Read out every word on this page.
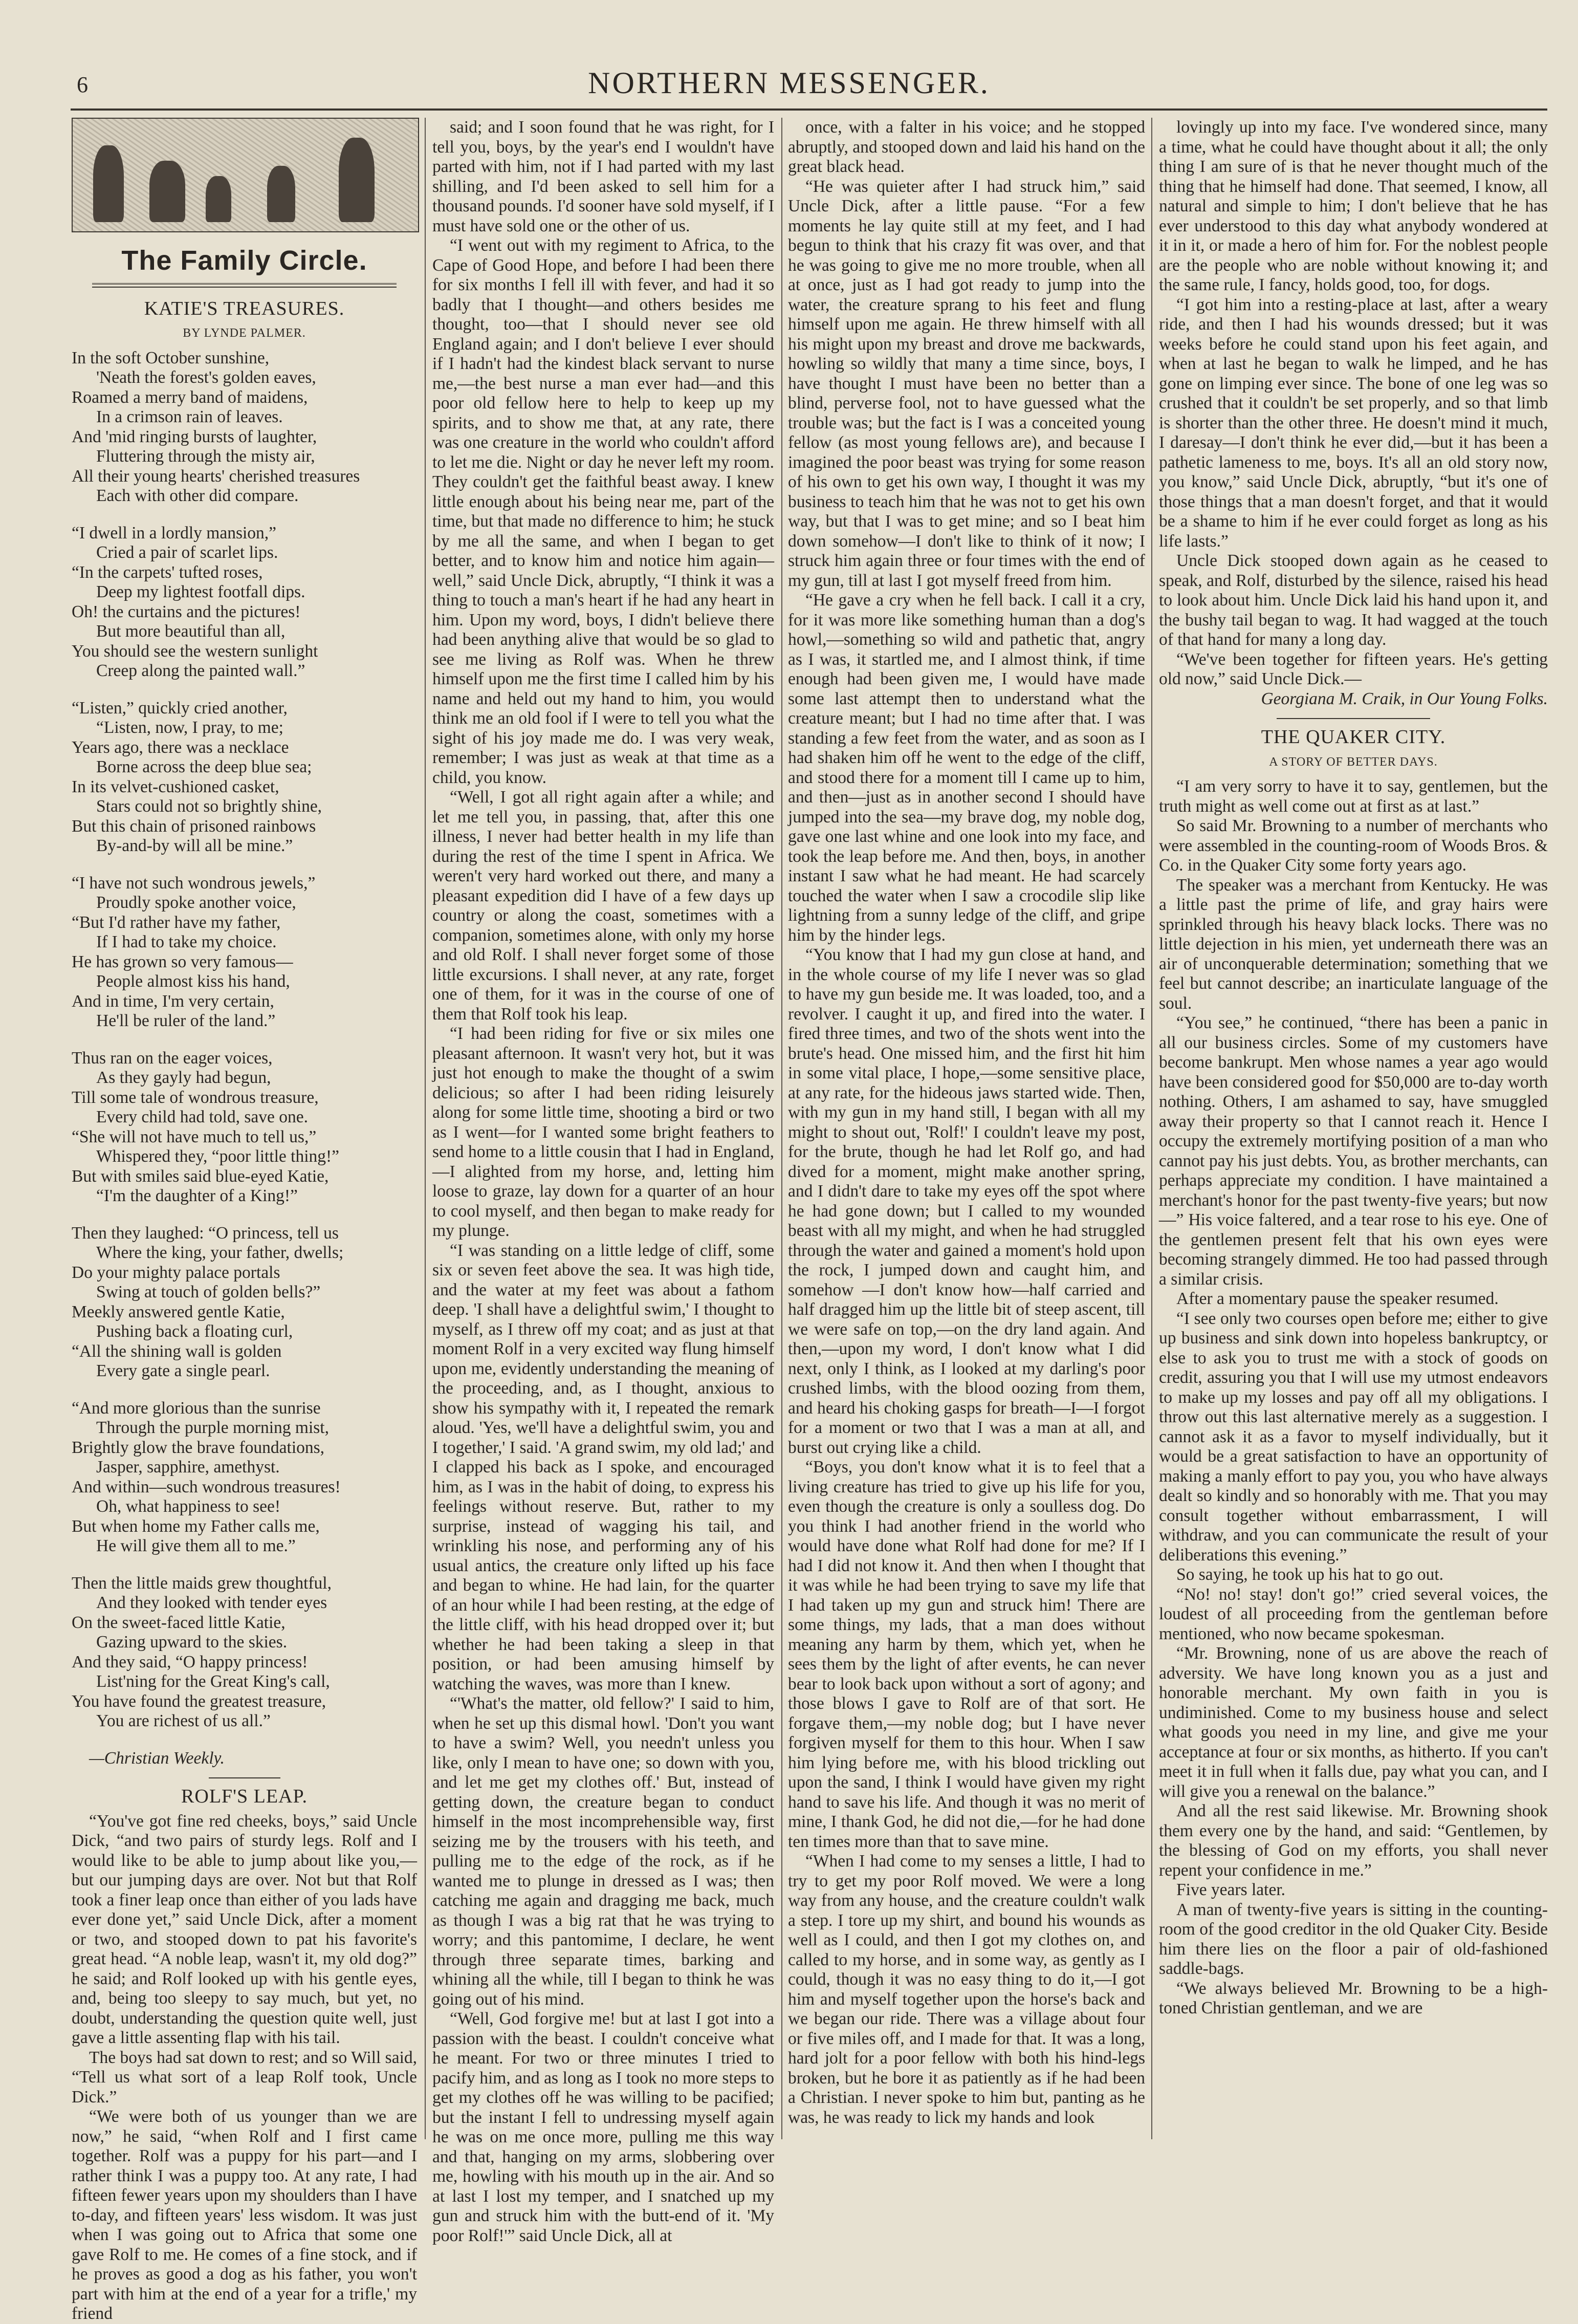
6	NORTHERN MESSENGER.
The Family Circle.
KATIE'S TREASURES.
BY LYNDE PALMER.
In the soft October sunshine,
'Neath the forest's golden eaves,
Roamed a merry band of maidens,
In a crimson rain of leaves.
And 'mid ringing bursts of laughter,
Fluttering through the misty air,
All their young hearts' cherished treasures
Each with other did compare.
“I dwell in a lordly mansion,”
Cried a pair of scarlet lips.
“In the carpets' tufted roses,
Deep my lightest footfall dips.
Oh! the curtains and the pictures!
But more beautiful than all,
You should see the western sunlight
Creep along the painted wall.”
“Listen,” quickly cried another,
“Listen, now, I pray, to me;
Years ago, there was a necklace
Borne across the deep blue sea;
In its velvet-cushioned casket,
Stars could not so brightly shine,
But this chain of prisoned rainbows
By-and-by will all be mine.”
“I have not such wondrous jewels,”
Proudly spoke another voice,
“But I'd rather have my father,
If I had to take my choice.
He has grown so very famous—
People almost kiss his hand,
And in time, I'm very certain,
He'll be ruler of the land.”
Thus ran on the eager voices,
As they gayly had begun,
Till some tale of wondrous treasure,
Every child had told, save one.
“She will not have much to tell us,”
Whispered they, “poor little thing!”
But with smiles said blue-eyed Katie,
“I'm the daughter of a King!”
Then they laughed: “O princess, tell us
Where the king, your father, dwells;
Do your mighty palace portals
Swing at touch of golden bells?”
Meekly answered gentle Katie,
Pushing back a floating curl,
“All the shining wall is golden
Every gate a single pearl.
“And more glorious than the sunrise
Through the purple morning mist,
Brightly glow the brave foundations,
Jasper, sapphire, amethyst.
And within—such wondrous treasures!
Oh, what happiness to see!
But when home my Father calls me,
He will give them all to me.”
Then the little maids grew thoughtful,
And they looked with tender eyes
On the sweet-faced little Katie,
Gazing upward to the skies.
And they said, “O happy princess!
List'ning for the Great King's call,
You have found the greatest treasure,
You are richest of us all.”

—Christian Weekly.

ROLF'S LEAP.

“You've got fine red cheeks, boys,” said Uncle Dick, “and two pairs of sturdy legs. Rolf and I would like to be able to jump about like you,—but our jumping days are over. Not but that Rolf took a finer leap once than either of you lads have ever done yet,” said Uncle Dick, after a moment or two, and stooped down to pat his favorite's great head. “A noble leap, wasn't it, my old dog?” he said; and Rolf looked up with his gentle eyes, and, being too sleepy to say much, but yet, no doubt, understanding the question quite well, just gave a little assenting flap with his tail.

The boys had sat down to rest; and so Will said, “Tell us what sort of a leap Rolf took, Uncle Dick.”

“We were both of us younger than we are now,” he said, “when Rolf and I first came together. Rolf was a puppy for his part—and I rather think I was a puppy too. At any rate, I had fifteen fewer years upon my shoulders than I have to-day, and fifteen years' less wisdom. It was just when I was going out to Africa that some one gave Rolf to me. He comes of a fine stock, and if he proves as good a dog as his father, you won't part with him at the end of a year for a trifle,' my friend

said; and I soon found that he was right, for I tell you, boys, by the year's end I wouldn't have parted with him, not if I had parted with my last shilling, and I'd been asked to sell him for a thousand pounds. I'd sooner have sold myself, if I must have sold one or the other of us.

“I went out with my regiment to Africa, to the Cape of Good Hope, and before I had been there for six months I fell ill with fever, and had it so badly that I thought—and others besides me thought, too—that I should never see old England again; and I don't believe I ever should if I hadn't had the kindest black servant to nurse me,—the best nurse a man ever had—and this poor old fellow here to help to keep up my spirits, and to show me that, at any rate, there was one creature in the world who couldn't afford to let me die. Night or day he never left my room. They couldn't get the faithful beast away. I knew little enough about his being near me, part of the time, but that made no difference to him; he stuck by me all the same, and when I began to get better, and to know him and notice him again—well,” said Uncle Dick, abruptly, “I think it was a thing to touch a man's heart if he had any heart in him. Upon my word, boys, I didn't believe there had been anything alive that would be so glad to see me living as Rolf was. When he threw himself upon me the first time I called him by his name and held out my hand to him, you would think me an old fool if I were to tell you what the sight of his joy made me do. I was very weak, remember; I was just as weak at that time as a child, you know.

“Well, I got all right again after a while; and let me tell you, in passing, that, after this one illness, I never had better health in my life than during the rest of the time I spent in Africa. We weren't very hard worked out there, and many a pleasant expedition did I have of a few days up country or along the coast, sometimes with a companion, sometimes alone, with only my horse and old Rolf. I shall never forget some of those little excursions. I shall never, at any rate, forget one of them, for it was in the course of one of them that Rolf took his leap.

“I had been riding for five or six miles one pleasant afternoon. It wasn't very hot, but it was just hot enough to make the thought of a swim delicious; so after I had been riding leisurely along for some little time, shooting a bird or two as I went—for I wanted some bright feathers to send home to a little cousin that I had in England,—I alighted from my horse, and, letting him loose to graze, lay down for a quarter of an hour to cool myself, and then began to make ready for my plunge.

“I was standing on a little ledge of cliff, some six or seven feet above the sea. It was high tide, and the water at my feet was about a fathom deep. 'I shall have a delightful swim,' I thought to myself, as I threw off my coat; and as just at that moment Rolf in a very excited way flung himself upon me, evidently understanding the meaning of the proceeding, and, as I thought, anxious to show his sympathy with it, I repeated the remark aloud. 'Yes, we'll have a delightful swim, you and I together,' I said. 'A grand swim, my old lad;' and I clapped his back as I spoke, and encouraged him, as I was in the habit of doing, to express his feelings without reserve. But, rather to my surprise, instead of wagging his tail, and wrinkling his nose, and performing any of his usual antics, the creature only lifted up his face and began to whine. He had lain, for the quarter of an hour while I had been resting, at the edge of the little cliff, with his head dropped over it; but whether he had been taking a sleep in that position, or had been amusing himself by watching the waves, was more than I knew.

“'What's the matter, old fellow?' I said to him, when he set up this dismal howl. 'Don't you want to have a swim? Well, you needn't unless you like, only I mean to have one; so down with you, and let me get my clothes off.' But, instead of getting down, the creature began to conduct himself in the most incomprehensible way, first seizing me by the trousers with his teeth, and pulling me to the edge of the rock, as if he wanted me to plunge in dressed as I was; then catching me again and dragging me back, much as though I was a big rat that he was trying to worry; and this pantomime, I declare, he went through three separate times, barking and whining all the while, till I began to think he was going out of his mind.

“Well, God forgive me! but at last I got into a passion with the beast. I couldn't conceive what he meant. For two or three minutes I tried to pacify him, and as long as I took no more steps to get my clothes off he was willing to be pacified; but the instant I fell to undressing myself again he was on me once more, pulling me this way and that, hanging on my arms, slobbering over me, howling with his mouth up in the air. And so at last I lost my temper, and I snatched up my gun and struck him with the butt-end of it. 'My poor Rolf!'” said Uncle Dick, all at

once, with a falter in his voice; and he stopped abruptly, and stooped down and laid his hand on the great black head.

“He was quieter after I had struck him,” said Uncle Dick, after a little pause. “For a few moments he lay quite still at my feet, and I had begun to think that his crazy fit was over, and that he was going to give me no more trouble, when all at once, just as I had got ready to jump into the water, the creature sprang to his feet and flung himself upon me again. He threw himself with all his might upon my breast and drove me backwards, howling so wildly that many a time since, boys, I have thought I must have been no better than a blind, perverse fool, not to have guessed what the trouble was; but the fact is I was a conceited young fellow (as most young fellows are), and because I imagined the poor beast was trying for some reason of his own to get his own way, I thought it was my business to teach him that he was not to get his own way, but that I was to get mine; and so I beat him down somehow—I don't like to think of it now; I struck him again three or four times with the end of my gun, till at last I got myself freed from him.

“He gave a cry when he fell back. I call it a cry, for it was more like something human than a dog's howl,—something so wild and pathetic that, angry as I was, it startled me, and I almost think, if time enough had been given me, I would have made some last attempt then to understand what the creature meant; but I had no time after that. I was standing a few feet from the water, and as soon as I had shaken him off he went to the edge of the cliff, and stood there for a moment till I came up to him, and then—just as in another second I should have jumped into the sea—my brave dog, my noble dog, gave one last whine and one look into my face, and took the leap before me. And then, boys, in another instant I saw what he had meant. He had scarcely touched the water when I saw a crocodile slip like lightning from a sunny ledge of the cliff, and gripe him by the hinder legs.

“You know that I had my gun close at hand, and in the whole course of my life I never was so glad to have my gun beside me. It was loaded, too, and a revolver. I caught it up, and fired into the water. I fired three times, and two of the shots went into the brute's head. One missed him, and the first hit him in some vital place, I hope,—some sensitive place, at any rate, for the hideous jaws started wide. Then, with my gun in my hand still, I began with all my might to shout out, 'Rolf!' I couldn't leave my post, for the brute, though he had let Rolf go, and had dived for a moment, might make another spring, and I didn't dare to take my eyes off the spot where he had gone down; but I called to my wounded beast with all my might, and when he had struggled through the water and gained a moment's hold upon the rock, I jumped down and caught him, and somehow —I don't know how—half carried and half dragged him up the little bit of steep ascent, till we were safe on top,—on the dry land again. And then,—upon my word, I don't know what I did next, only I think, as I looked at my darling's poor crushed limbs, with the blood oozing from them, and heard his choking gasps for breath—I—I forgot for a moment or two that I was a man at all, and burst out crying like a child.

“Boys, you don't know what it is to feel that a living creature has tried to give up his life for you, even though the creature is only a soulless dog. Do you think I had another friend in the world who would have done what Rolf had done for me? If I had I did not know it. And then when I thought that it was while he had been trying to save my life that I had taken up my gun and struck him! There are some things, my lads, that a man does without meaning any harm by them, which yet, when he sees them by the light of after events, he can never bear to look back upon without a sort of agony; and those blows I gave to Rolf are of that sort. He forgave them,—my noble dog; but I have never forgiven myself for them to this hour. When I saw him lying before me, with his blood trickling out upon the sand, I think I would have given my right hand to save his life. And though it was no merit of mine, I thank God, he did not die,—for he had done ten times more than that to save mine.

“When I had come to my senses a little, I had to try to get my poor Rolf moved. We were a long way from any house, and the creature couldn't walk a step. I tore up my shirt, and bound his wounds as well as I could, and then I got my clothes on, and called to my horse, and in some way, as gently as I could, though it was no easy thing to do it,—I got him and myself together upon the horse's back and we began our ride. There was a village about four or five miles off, and I made for that. It was a long, hard jolt for a poor fellow with both his hind-legs broken, but he bore it as patiently as if he had been a Christian. I never spoke to him but, panting as he was, he was ready to lick my hands and look

lovingly up into my face. I've wondered since, many a time, what he could have thought about it all; the only thing I am sure of is that he never thought much of the thing that he himself had done. That seemed, I know, all natural and simple to him; I don't believe that he has ever understood to this day what anybody wondered at it in it, or made a hero of him for. For the noblest people are the people who are noble without knowing it; and the same rule, I fancy, holds good, too, for dogs.

“I got him into a resting-place at last, after a weary ride, and then I had his wounds dressed; but it was weeks before he could stand upon his feet again, and when at last he began to walk he limped, and he has gone on limping ever since. The bone of one leg was so crushed that it couldn't be set properly, and so that limb is shorter than the other three. He doesn't mind it much, I daresay—I don't think he ever did,—but it has been a pathetic lameness to me, boys. It's all an old story now, you know,” said Uncle Dick, abruptly, “but it's one of those things that a man doesn't forget, and that it would be a shame to him if he ever could forget as long as his life lasts.”

Uncle Dick stooped down again as he ceased to speak, and Rolf, disturbed by the silence, raised his head to look about him. Uncle Dick laid his hand upon it, and the bushy tail began to wag. It had wagged at the touch of that hand for many a long day.

“We've been together for fifteen years. He's getting old now,” said Uncle Dick.—

Georgiana M. Craik, in Our Young Folks.

THE QUAKER CITY.
A STORY OF BETTER DAYS.

“I am very sorry to have it to say, gentlemen, but the truth might as well come out at first as at last.”

So said Mr. Browning to a number of merchants who were assembled in the counting-room of Woods Bros. & Co. in the Quaker City some forty years ago.

The speaker was a merchant from Kentucky. He was a little past the prime of life, and gray hairs were sprinkled through his heavy black locks. There was no little dejection in his mien, yet underneath there was an air of unconquerable determination; something that we feel but cannot describe; an inarticulate language of the soul.

“You see,” he continued, “there has been a panic in all our business circles. Some of my customers have become bankrupt. Men whose names a year ago would have been considered good for $50,000 are to-day worth nothing. Others, I am ashamed to say, have smuggled away their property so that I cannot reach it. Hence I occupy the extremely mortifying position of a man who cannot pay his just debts. You, as brother merchants, can perhaps appreciate my condition. I have maintained a merchant's honor for the past twenty-five years; but now—” His voice faltered, and a tear rose to his eye. One of the gentlemen present felt that his own eyes were becoming strangely dimmed. He too had passed through a similar crisis.

After a momentary pause the speaker resumed.

“I see only two courses open before me; either to give up business and sink down into hopeless bankruptcy, or else to ask you to trust me with a stock of goods on credit, assuring you that I will use my utmost endeavors to make up my losses and pay off all my obligations. I throw out this last alternative merely as a suggestion. I cannot ask it as a favor to myself individually, but it would be a great satisfaction to have an opportunity of making a manly effort to pay you, you who have always dealt so kindly and so honorably with me. That you may consult together without embarrassment, I will withdraw, and you can communicate the result of your deliberations this evening.”

So saying, he took up his hat to go out.

“No! no! stay! don't go!” cried several voices, the loudest of all proceeding from the gentleman before mentioned, who now became spokesman.

“Mr. Browning, none of us are above the reach of adversity. We have long known you as a just and honorable merchant. My own faith in you is undiminished. Come to my business house and select what goods you need in my line, and give me your acceptance at four or six months, as hitherto. If you can't meet it in full when it falls due, pay what you can, and I will give you a renewal on the balance.”

And all the rest said likewise. Mr. Browning shook them every one by the hand, and said: “Gentlemen, by the blessing of God on my efforts, you shall never repent your confidence in me.”

Five years later.

A man of twenty-five years is sitting in the counting-room of the good creditor in the old Quaker City. Beside him there lies on the floor a pair of old-fashioned saddle-bags.

“We always believed Mr. Browning to be a high-toned Christian gentleman, and we are
